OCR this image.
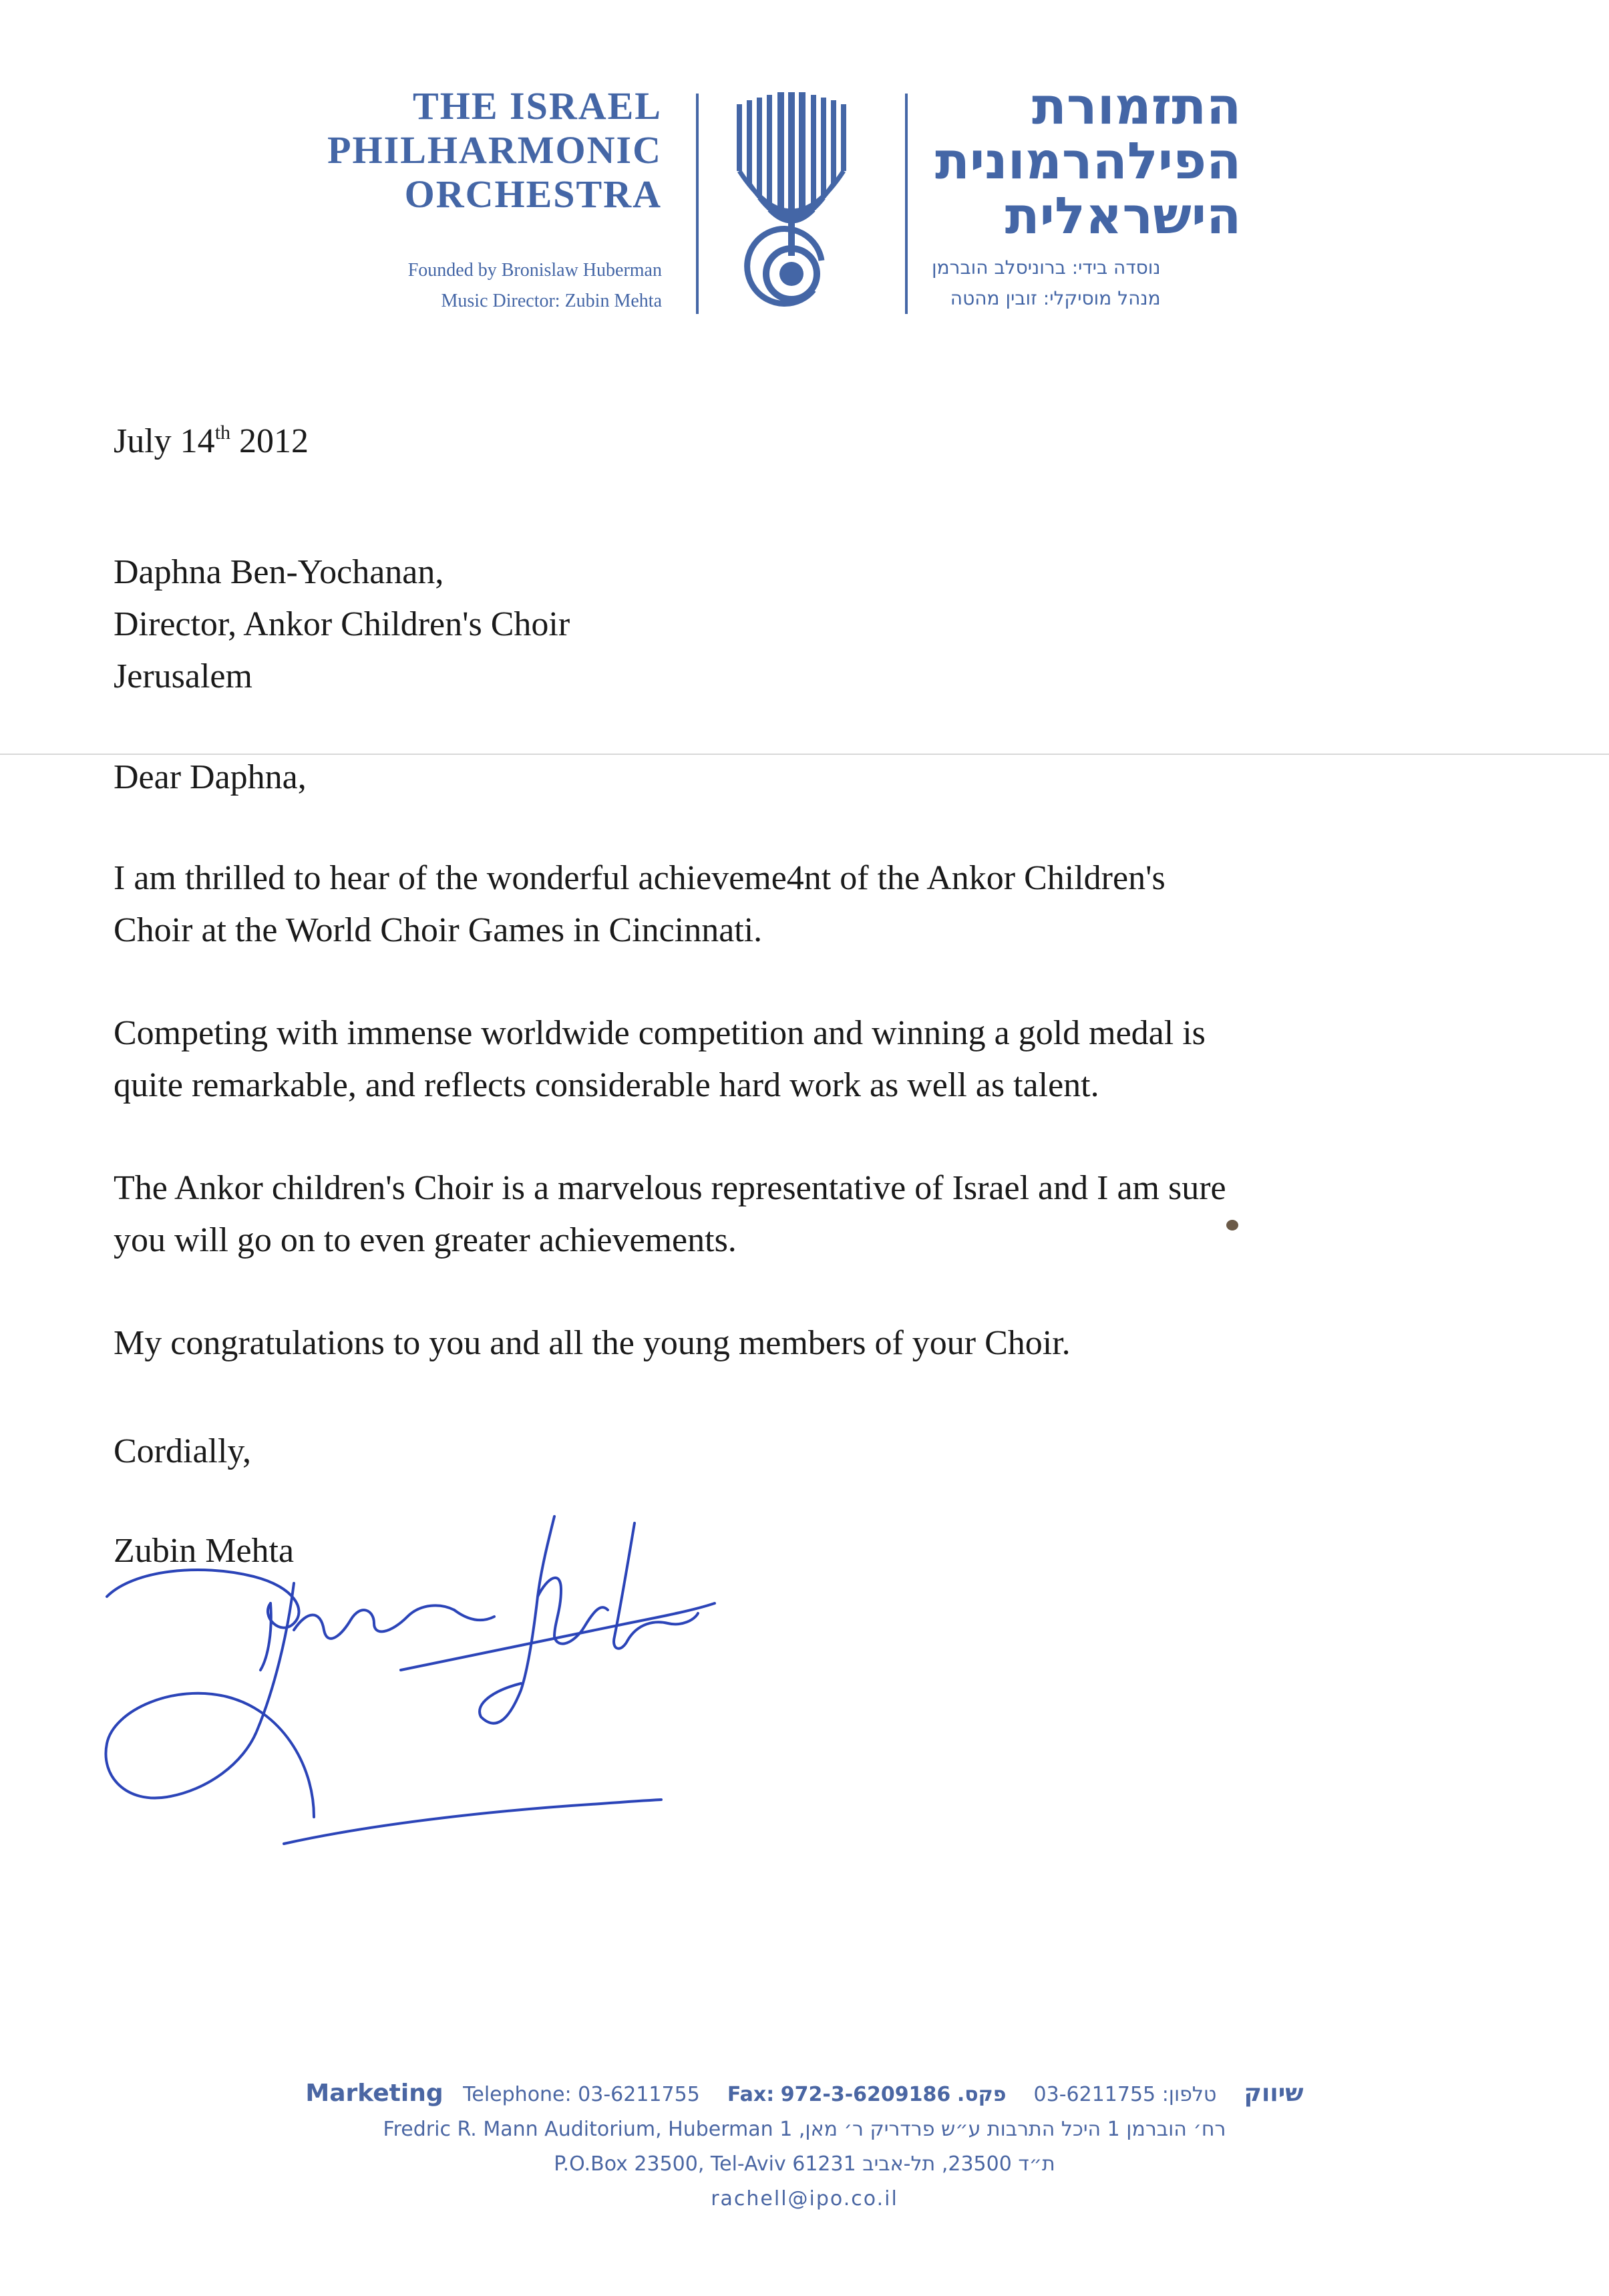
THE ISRAEL
PHILHARMONIC
ORCHESTRA
Founded by Bronislaw Huberman
Music Director: Zubin Mehta
התזמורת
הפילהרמונית
הישראלית
נוסדה בידי: ברוניסלב הוברמן
מנהל מוסיקלי: זובין מהטה
July 14th 2012
Daphna Ben-Yochanan,
Director, Ankor Children's Choir
Jerusalem
Dear Daphna,
I am thrilled to hear of the wonderful achieveme4nt of the Ankor Children's
Choir at the World Choir Games in Cincinnati.
Competing with immense worldwide competition and winning a gold medal is
quite remarkable, and reflects considerable hard work as well as talent.
The Ankor children's Choir is a marvelous representative of Israel and I am sure
you will go on to even greater achievements.
My congratulations to you and all the young members of your Choir.
Cordially,
Zubin Mehta
Marketing Telephone: 03-6211755 Fax: 972-3-6209186 פקס. 03-6211755 טלפון: שיווק
Fredric R. Mann Auditorium, Huberman 1 רח׳ הוברמן 1 היכל התרבות ע״ש פרדריק ר׳ מאן,
P.O.Box 23500, Tel-Aviv 61231 ת״ד 23500, תל-אביב
rachell@ipo.co.il
